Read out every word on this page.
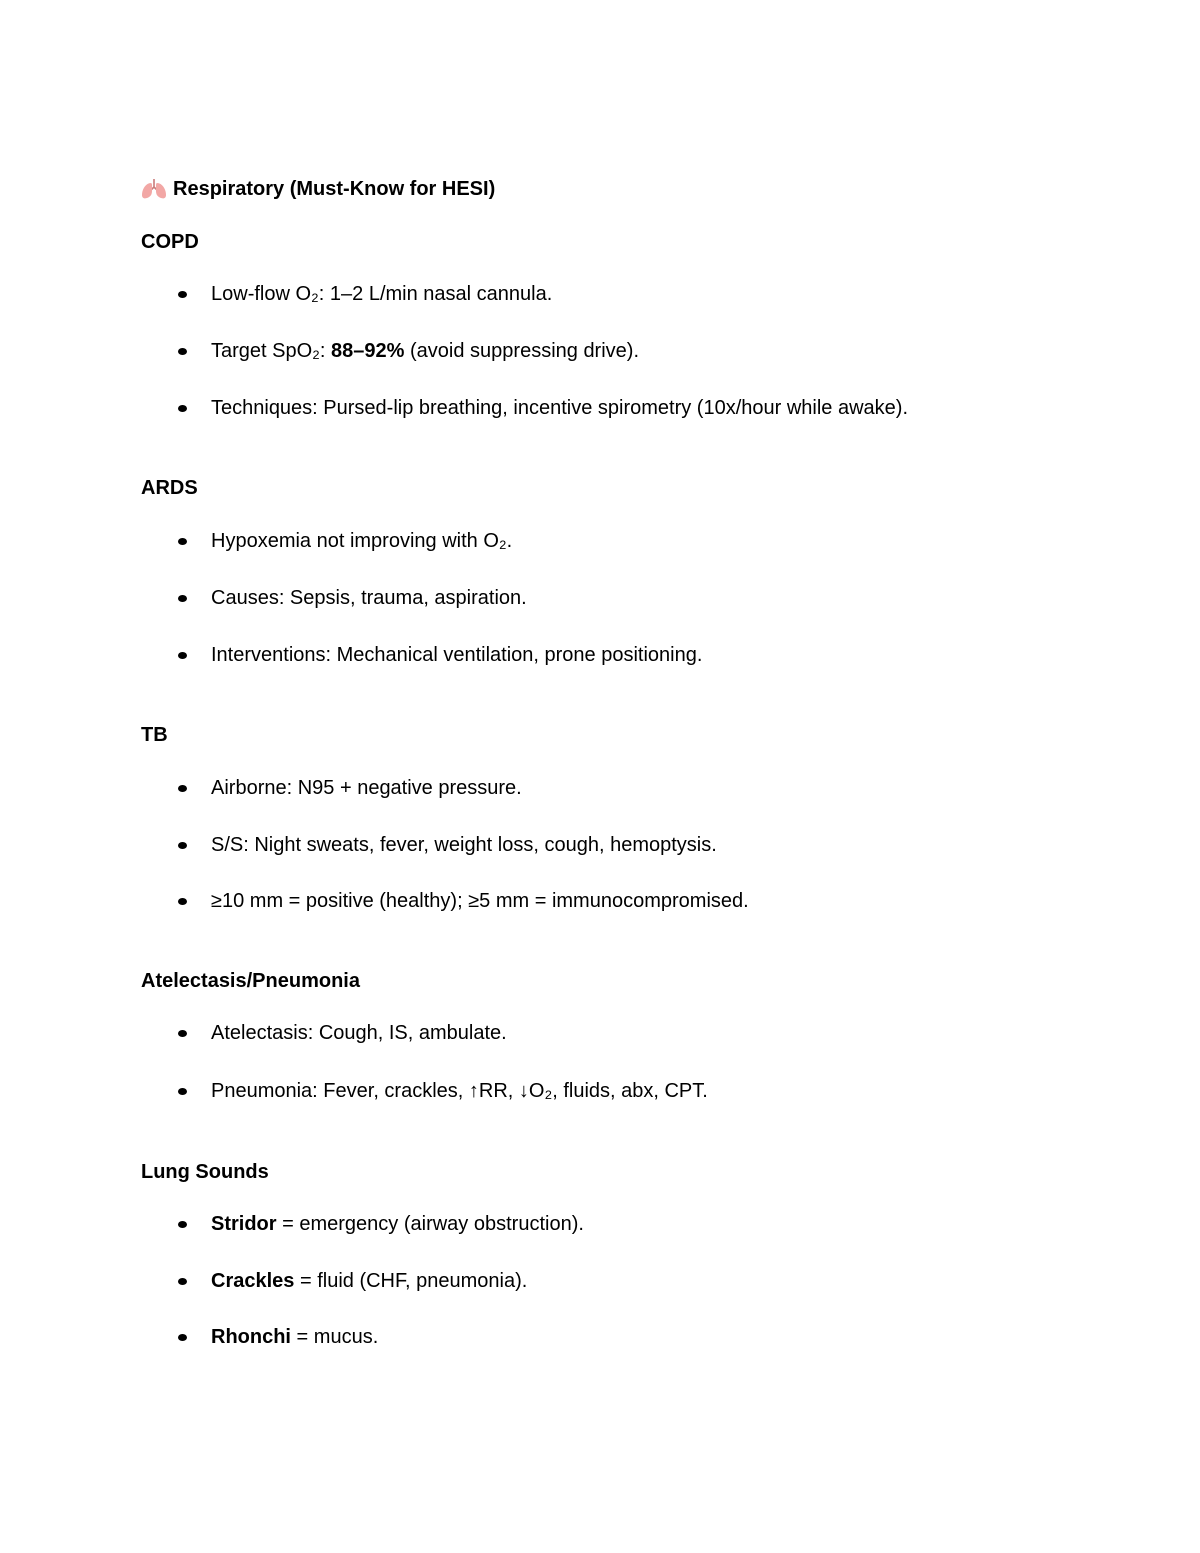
Respiratory (Must-Know for HESI)
COPD
Low-flow O₂: 1–2 L/min nasal cannula.
Target SpO₂: 88–92% (avoid suppressing drive).
Techniques: Pursed-lip breathing, incentive spirometry (10x/hour while awake).
ARDS
Hypoxemia not improving with O₂.
Causes: Sepsis, trauma, aspiration.
Interventions: Mechanical ventilation, prone positioning.
TB
Airborne: N95 + negative pressure.
S/S: Night sweats, fever, weight loss, cough, hemoptysis.
≥10 mm = positive (healthy); ≥5 mm = immunocompromised.
Atelectasis/Pneumonia
Atelectasis: Cough, IS, ambulate.
Pneumonia: Fever, crackles, ↑RR, ↓O₂, fluids, abx, CPT.
Lung Sounds
Stridor = emergency (airway obstruction).
Crackles = fluid (CHF, pneumonia).
Rhonchi = mucus.
